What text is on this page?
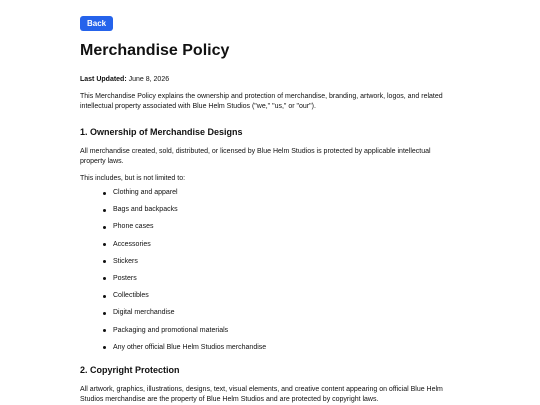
Back
Merchandise Policy

Last Updated: June 8, 2026

This Merchandise Policy explains the ownership and protection of merchandise, branding, artwork, logos, and related intellectual property associated with Blue Helm Studios ("we," "us," or "our").

1. Ownership of Merchandise Designs

All merchandise created, sold, distributed, or licensed by Blue Helm Studios is protected by applicable intellectual property laws.

This includes, but is not limited to:

Clothing and apparel
Bags and backpacks
Phone cases
Accessories
Stickers
Posters
Collectibles
Digital merchandise
Packaging and promotional materials
Any other official Blue Helm Studios merchandise
2. Copyright Protection

All artwork, graphics, illustrations, designs, text, visual elements, and creative content appearing on official Blue Helm Studios merchandise are the property of Blue Helm Studios and are protected by copyright laws.
